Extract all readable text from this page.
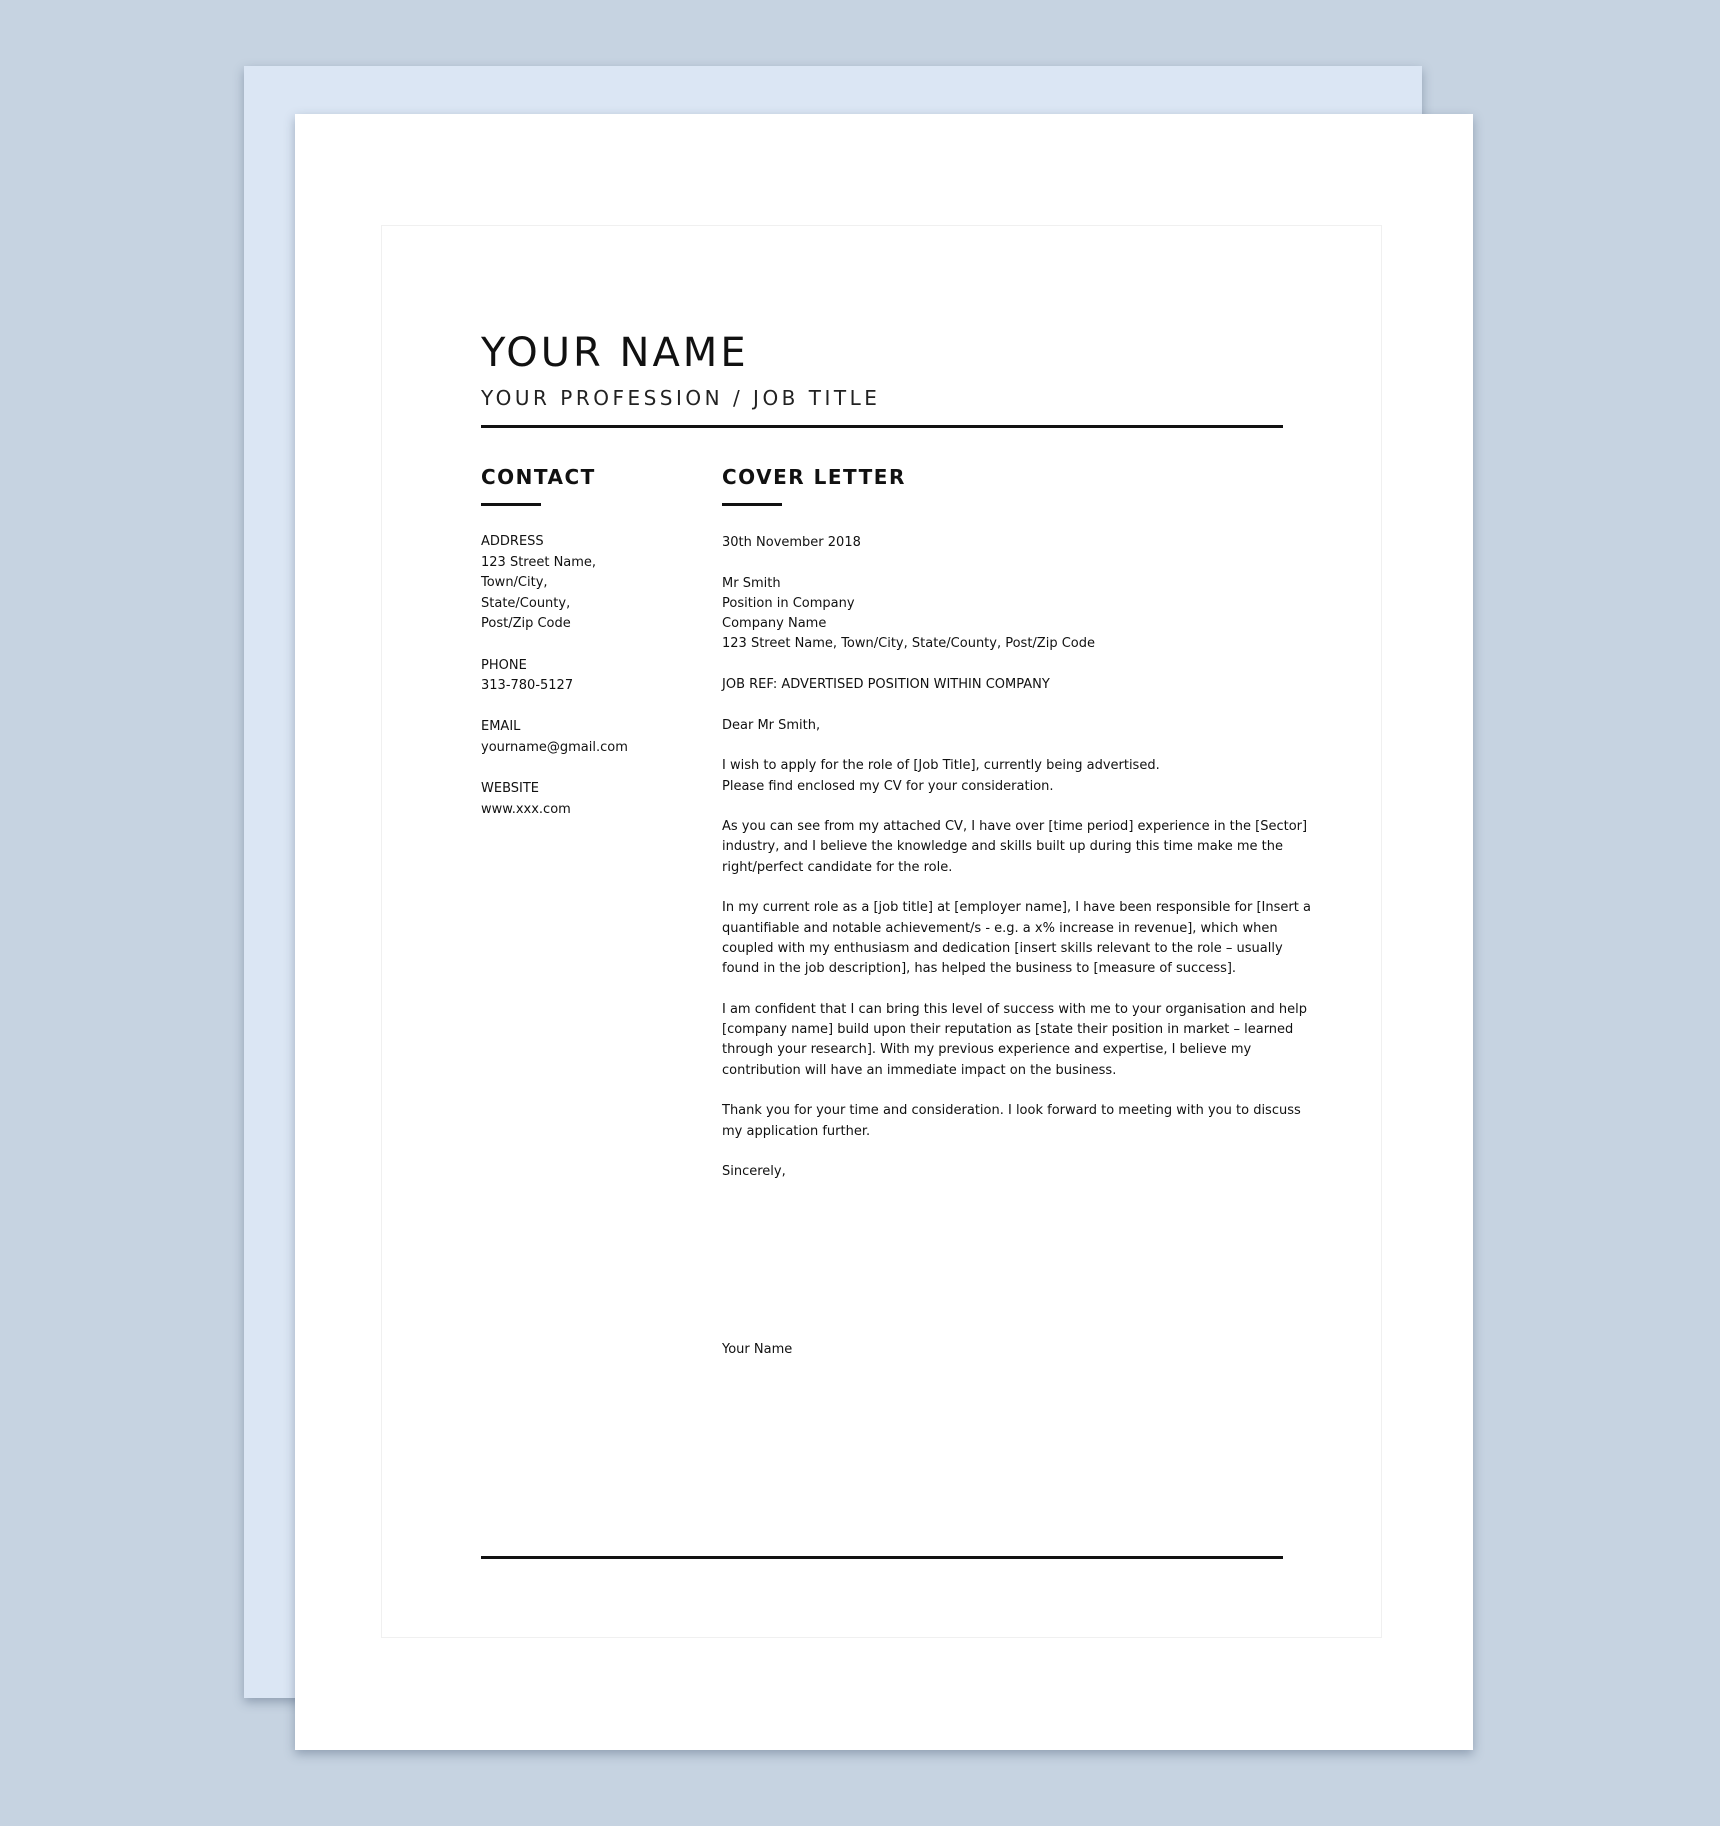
YOUR NAME
YOUR PROFESSION / JOB TITLE
CONTACT
ADDRESS
123 Street Name,
Town/City,
State/County,
Post/Zip Code
PHONE
313-780-5127
EMAIL
yourname@gmail.com
WEBSITE
www.xxx.com
COVER LETTER

30th November 2018

Mr Smith
Position in Company
Company Name
123 Street Name, Town/City, State/County, Post/Zip Code

JOB REF: ADVERTISED POSITION WITHIN COMPANY

Dear Mr Smith,

I wish to apply for the role of [Job Title], currently being advertised.
Please find enclosed my CV for your consideration.

As you can see from my attached CV, I have over [time period] experience in the [Sector]
industry, and I believe the knowledge and skills built up during this time make me the
right/perfect candidate for the role.

In my current role as a [job title] at [employer name], I have been responsible for [Insert a
quantifiable and notable achievement/s - e.g. a x% increase in revenue], which when
coupled with my enthusiasm and dedication [insert skills relevant to the role – usually
found in the job description], has helped the business to [measure of success].

I am confident that I can bring this level of success with me to your organisation and help
[company name] build upon their reputation as [state their position in market – learned
through your research]. With my previous experience and expertise, I believe my
contribution will have an immediate impact on the business.

Thank you for your time and consideration. I look forward to meeting with you to discuss
my application further.

Sincerely,

Your Name
